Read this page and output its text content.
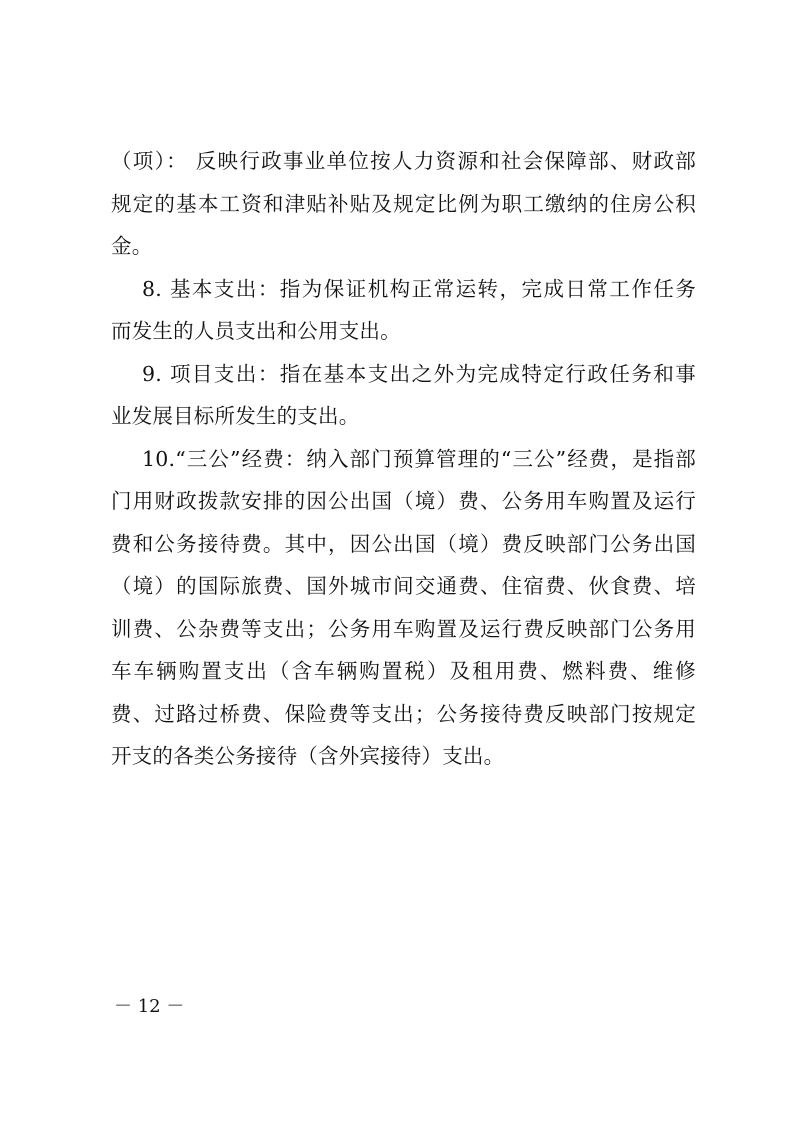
（项）： 反映行政事业单位按人力资源和社会保障部、财政部
规定的基本工资和津贴补贴及规定比例为职工缴纳的住房公积
金。
8. 基本支出：指为保证机构正常运转，完成日常工作任务
而发生的人员支出和公用支出。
9. 项目支出：指在基本支出之外为完成特定行政任务和事
业发展目标所发生的支出。
10.“三公”经费：纳入部门预算管理的“三公”经费，是指部
门用财政拨款安排的因公出国（境）费、公务用车购置及运行
费和公务接待费。其中，因公出国（境）费反映部门公务出国
（境）的国际旅费、国外城市间交通费、住宿费、伙食费、培
训费、公杂费等支出；公务用车购置及运行费反映部门公务用
车车辆购置支出（含车辆购置税）及租用费、燃料费、维修
费、过路过桥费、保险费等支出；公务接待费反映部门按规定
开支的各类公务接待（含外宾接待）支出。
－ 12 －
